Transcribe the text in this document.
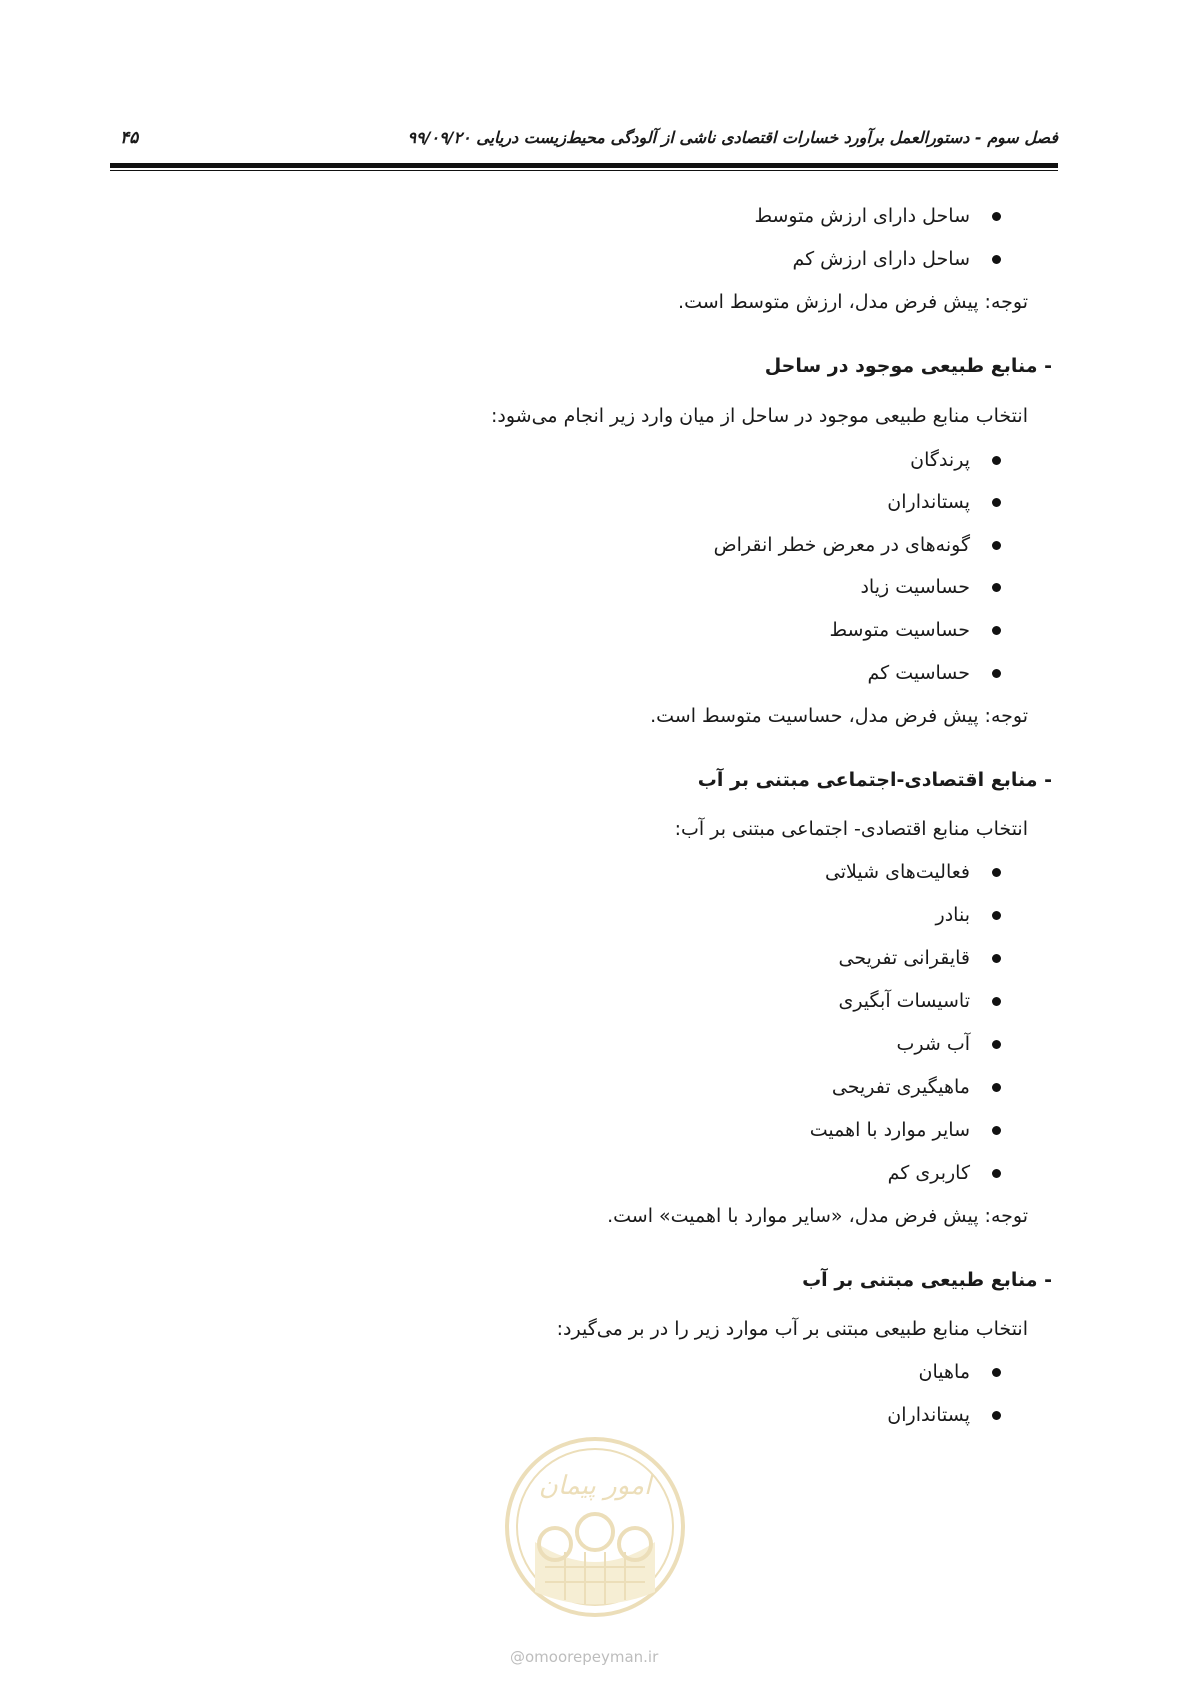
فصل سوم - دستورالعمل برآورد خسارات اقتصادی ناشی از آلودگی محیط‌زیست دریایی ۹۹/۰۹/۲۰
۴۵
ساحل دارای ارزش متوسط
ساحل دارای ارزش کم
توجه: پیش فرض مدل، ارزش متوسط است.
- منابع طبیعی موجود در ساحل
انتخاب منابع طبیعی موجود در ساحل از میان وارد زیر انجام می‌شود:
پرندگان
پستانداران
گونه‌های در معرض خطر انقراض
حساسیت زیاد
حساسیت متوسط
حساسیت کم
توجه: پیش فرض مدل، حساسیت متوسط است.
- منابع اقتصادی-اجتماعی مبتنی بر آب
انتخاب منابع اقتصادی- اجتماعی مبتنی بر آب:
فعالیت‌های شیلاتی
بنادر
قایقرانی تفریحی
تاسیسات آبگیری
آب شرب
ماهیگیری تفریحی
سایر موارد با اهمیت
کاربری کم
توجه: پیش فرض مدل، «سایر موارد با اهمیت» است.
- منابع طبیعی مبتنی بر آب
انتخاب منابع طبیعی مبتنی بر آب موارد زیر را در بر می‌گیرد:
ماهیان
پستانداران
امور پیمان
@omoorepeyman.ir
